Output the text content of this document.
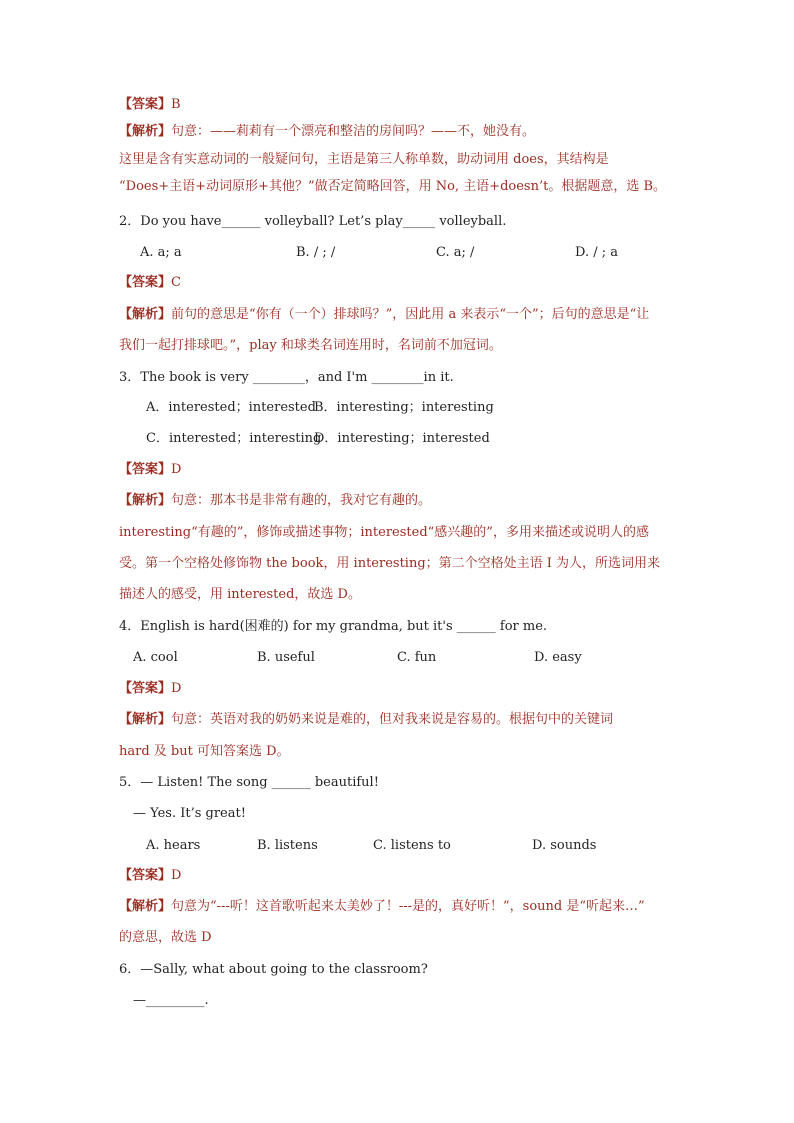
【答案】B
【解析】句意：——莉莉有一个漂亮和整洁的房间吗？——不，她没有。
这里是含有实意动词的一般疑问句，主语是第三人称单数，助动词用 does，其结构是
“Does+主语+动词原形+其他？”做否定简略回答，用 No, 主语+doesn’t。根据题意，选 B。
2．Do you have______ volleyball? Let’s play_____ volleyball.
A. a; a	B. / ; /	C. a; /	D. / ; a
【答案】C
【解析】前句的意思是“你有（一个）排球吗？”，因此用 a 来表示“一个”；后句的意思是“让
我们一起打排球吧。”，play 和球类名词连用时，名词前不加冠词。
3．The book is very ________，and I'm ________in it.
A．interested；interested
B．interesting；interesting
C．interested；interesting
D．interesting；interested
【答案】D
【解析】句意：那本书是非常有趣的，我对它有趣的。
interesting“有趣的”，修饰或描述事物；interested“感兴趣的”，多用来描述或说明人的感
受。第一个空格处修饰物 the book，用 interesting；第二个空格处主语 I 为人，所选词用来
描述人的感受，用 interested，故选 D。
4．English is hard(困难的) for my grandma, but it's ______ for me.
A. cool	B. useful	C. fun	D. easy
【答案】D
【解析】句意：英语对我的奶奶来说是难的，但对我来说是容易的。根据句中的关键词
hard 及 but 可知答案选 D。
5．— Listen! The song ______ beautiful!
— Yes. It’s great!
A. hears	B. listens	C. listens to	D. sounds
【答案】D
【解析】句意为“---听！这首歌听起来太美妙了！---是的，真好听！”，sound 是“听起来…”
的意思，故选 D
6．—Sally, what about going to the classroom?
—_________.
